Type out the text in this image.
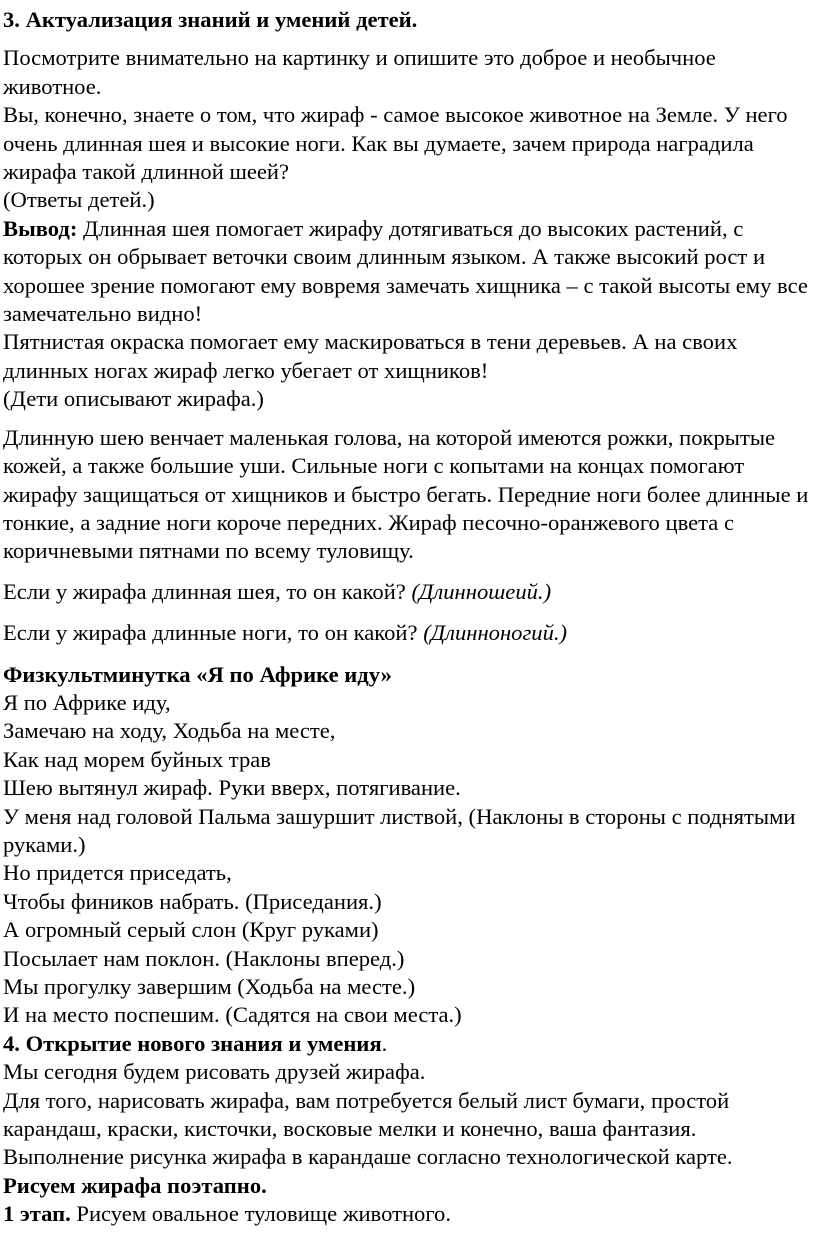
3. Актуализация знаний и умений детей.

Посмотрите внимательно на картинку и опишите это доброе и необычное животное.

Вы, конечно, знаете о том, что жираф - самое высокое животное на Земле. У него очень длинная шея и высокие ноги. Как вы думаете, зачем природа наградила жирафа такой длинной шеей?

(Ответы детей.)

Вывод: Длинная шея помогает жирафу дотягиваться до высоких растений, с которых он обрывает веточки своим длинным языком. А также высокий рост и хорошее зрение помогают ему вовремя замечать хищника – с такой высоты ему все замечательно видно!

Пятнистая окраска помогает ему маскироваться в тени деревьев. А на своих длинных ногах жираф легко убегает от хищников!

(Дети описывают жирафа.)

Длинную шею венчает маленькая голова, на которой имеются рожки, покрытые кожей, а также большие уши. Сильные ноги с копытами на концах помогают жирафу защищаться от хищников и быстро бегать. Передние ноги более длинные и тонкие, а задние ноги короче передних. Жираф песочно-оранжевого цвета с коричневыми пятнами по всему туловищу.

Если у жирафа длинная шея, то он какой? (Длинношеий.)

Если у жирафа длинные ноги, то он какой? (Длинноногий.)

Физкультминутка «Я по Африке иду»

Я по Африке иду,

Замечаю на ходу, Ходьба на месте,

Как над морем буйных трав

Шею вытянул жираф. Руки вверх, потягивание.

У меня над головой Пальма зашуршит листвой, (Наклоны в стороны с поднятыми руками.)

Но придется приседать,

Чтобы фиников набрать. (Приседания.)

А огромный серый слон (Круг руками)

Посылает нам поклон. (Наклоны вперед.)

Мы прогулку завершим (Ходьба на месте.)

И на место поспешим. (Садятся на свои места.)

4. Открытие нового знания и умения.

Мы сегодня будем рисовать друзей жирафа.

Для того, нарисовать жирафа, вам потребуется белый лист бумаги, простой карандаш, краски, кисточки, восковые мелки и конечно, ваша фантазия. Выполнение рисунка жирафа в карандаше согласно технологической карте.

Рисуем жирафа поэтапно.

1 этап. Рисуем овальное туловище животного.
